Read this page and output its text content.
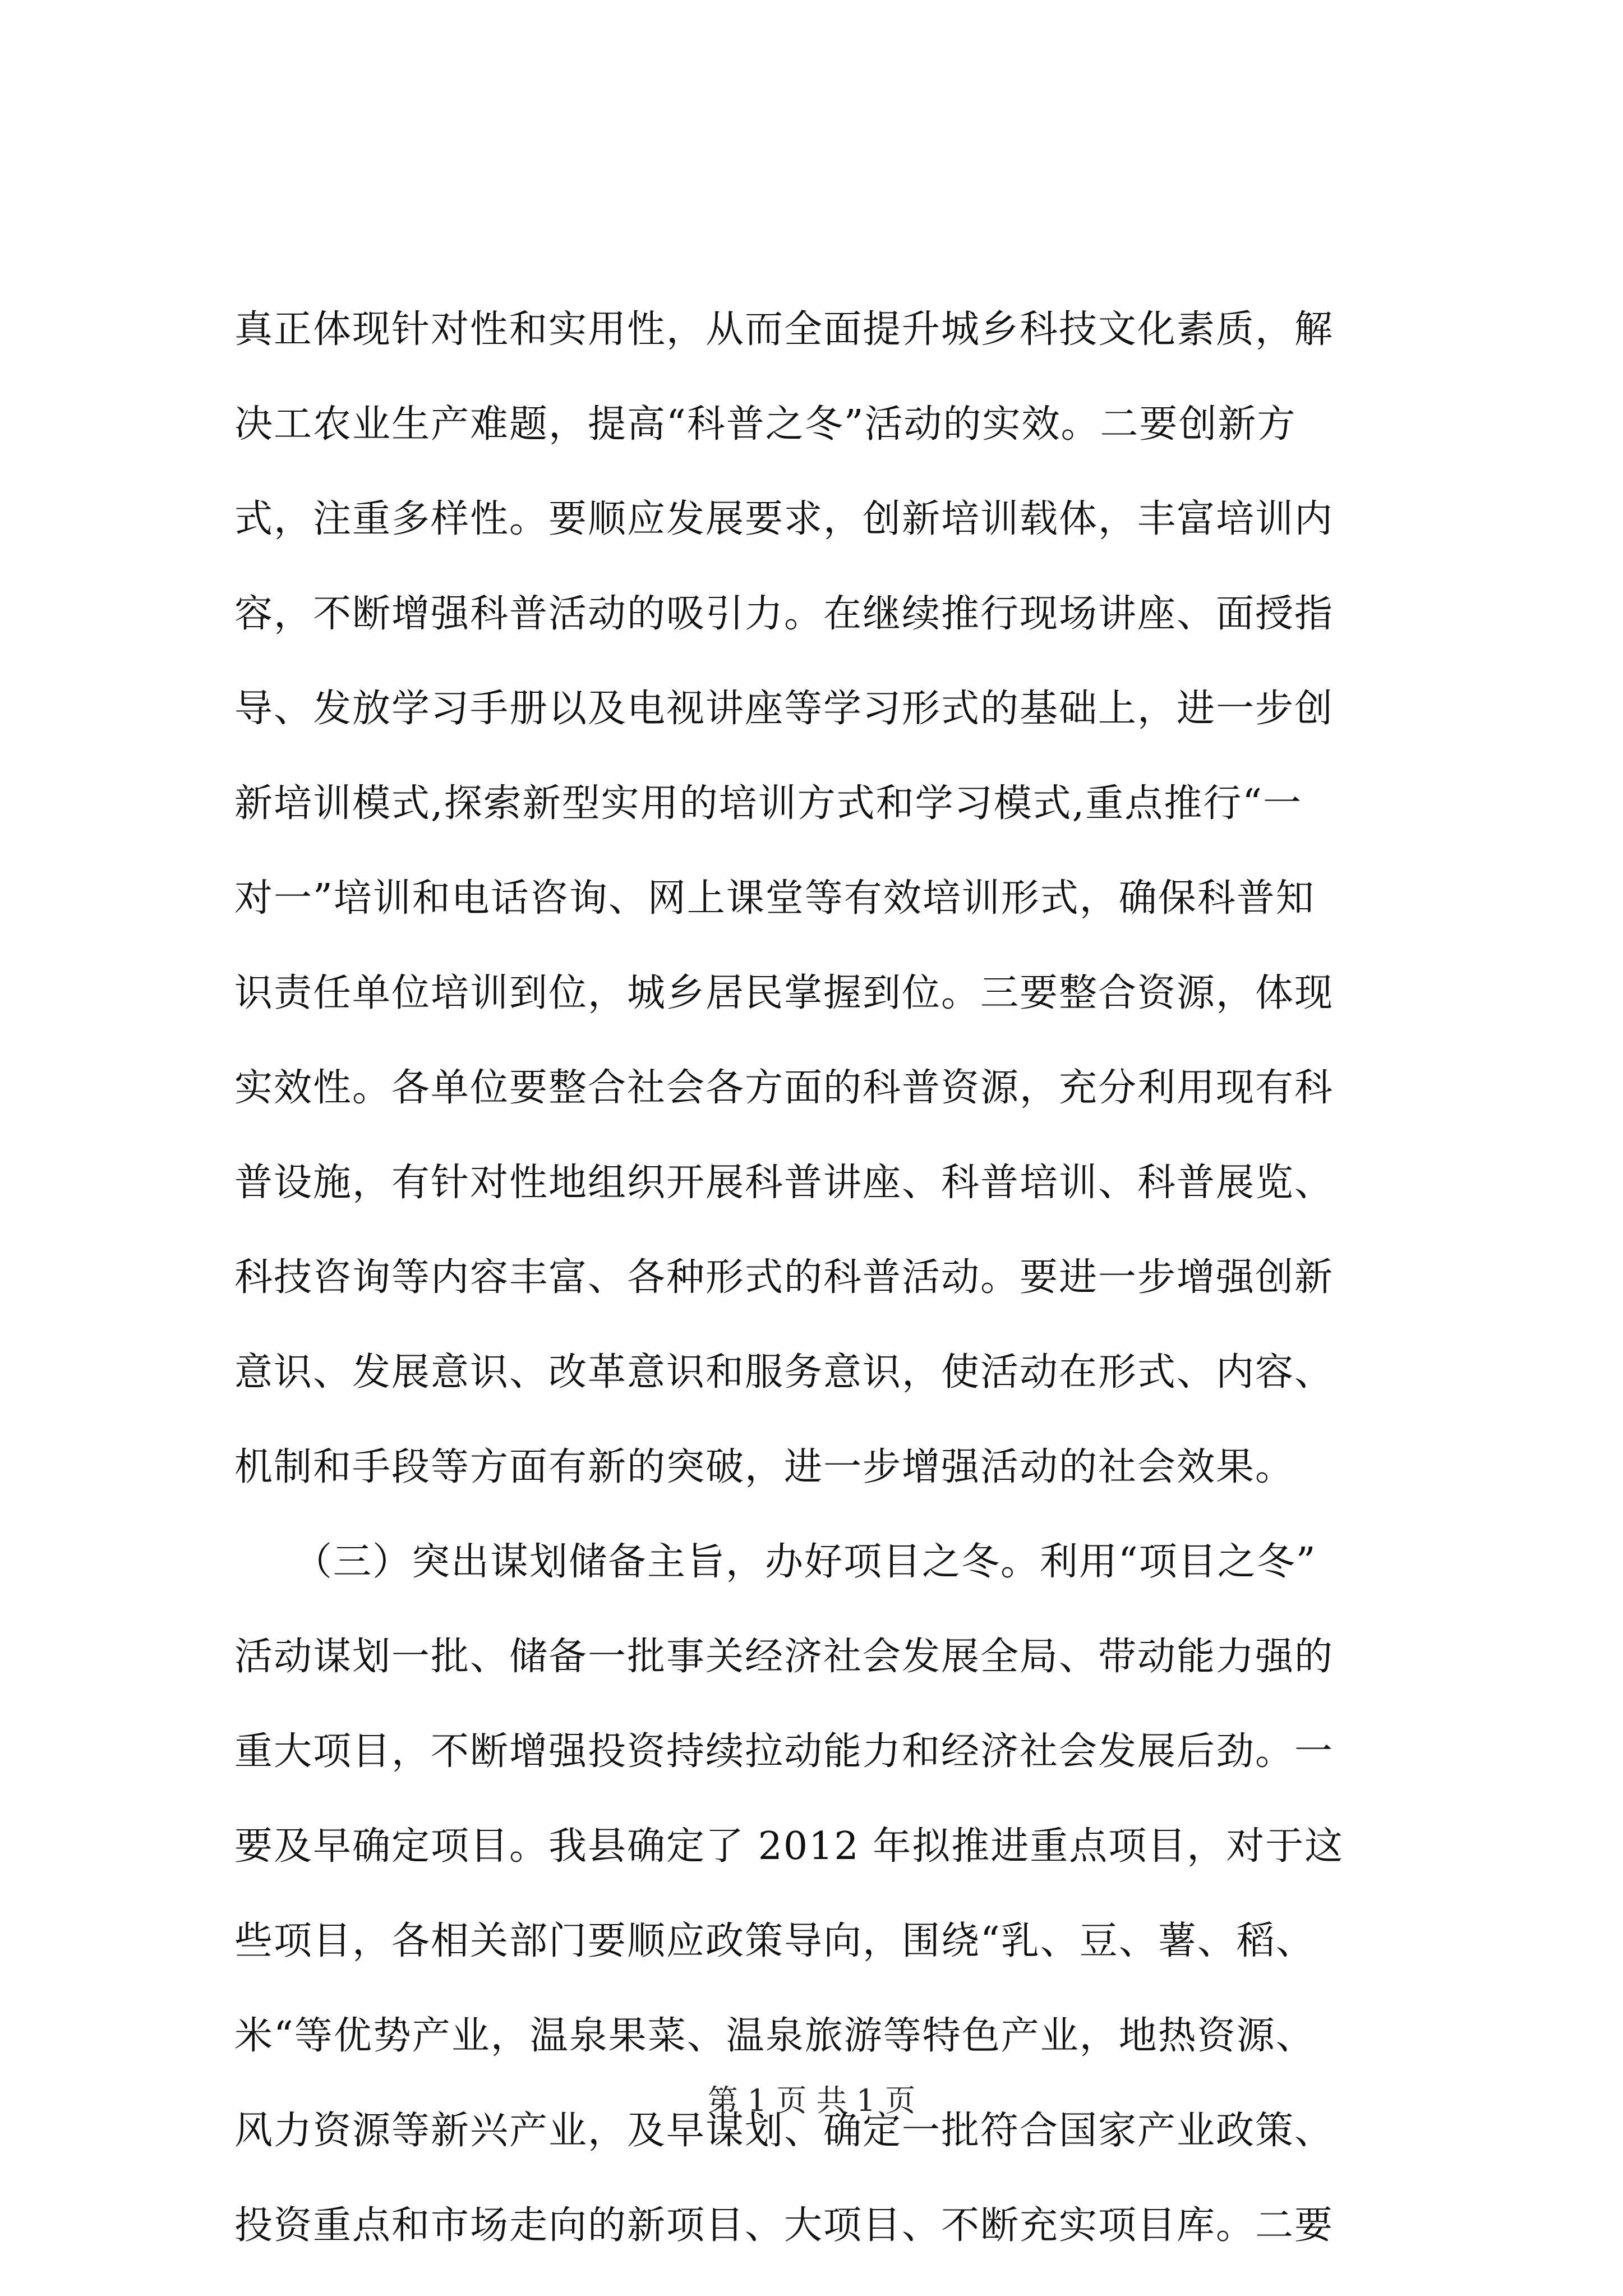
真正体现针对性和实用性，从而全面提升城乡科技文化素质，解
决工农业生产难题，提高“科普之冬”活动的实效。二要创新方
式，注重多样性。要顺应发展要求，创新培训载体，丰富培训内
容，不断增强科普活动的吸引力。在继续推行现场讲座、面授指
导、发放学习手册以及电视讲座等学习形式的基础上，进一步创
新培训模式,探索新型实用的培训方式和学习模式,重点推行“一
对一”培训和电话咨询、网上课堂等有效培训形式，确保科普知
识责任单位培训到位，城乡居民掌握到位。三要整合资源，体现
实效性。各单位要整合社会各方面的科普资源，充分利用现有科
普设施，有针对性地组织开展科普讲座、科普培训、科普展览、
科技咨询等内容丰富、各种形式的科普活动。要进一步增强创新
意识、发展意识、改革意识和服务意识，使活动在形式、内容、
机制和手段等方面有新的突破，进一步增强活动的社会效果。
　　（三）突出谋划储备主旨，办好项目之冬。利用“项目之冬”
活动谋划一批、储备一批事关经济社会发展全局、带动能力强的
重大项目，不断增强投资持续拉动能力和经济社会发展后劲。一
要及早确定项目。我县确定了 2012 年拟推进重点项目，对于这
些项目，各相关部门要顺应政策导向，围绕“乳、豆、薯、稻、
米“等优势产业，温泉果菜、温泉旅游等特色产业，地热资源、
风力资源等新兴产业，及早谋划、确定一批符合国家产业政策、
投资重点和市场走向的新项目、大项目、不断充实项目库。二要
第 1 页 共 1 页
